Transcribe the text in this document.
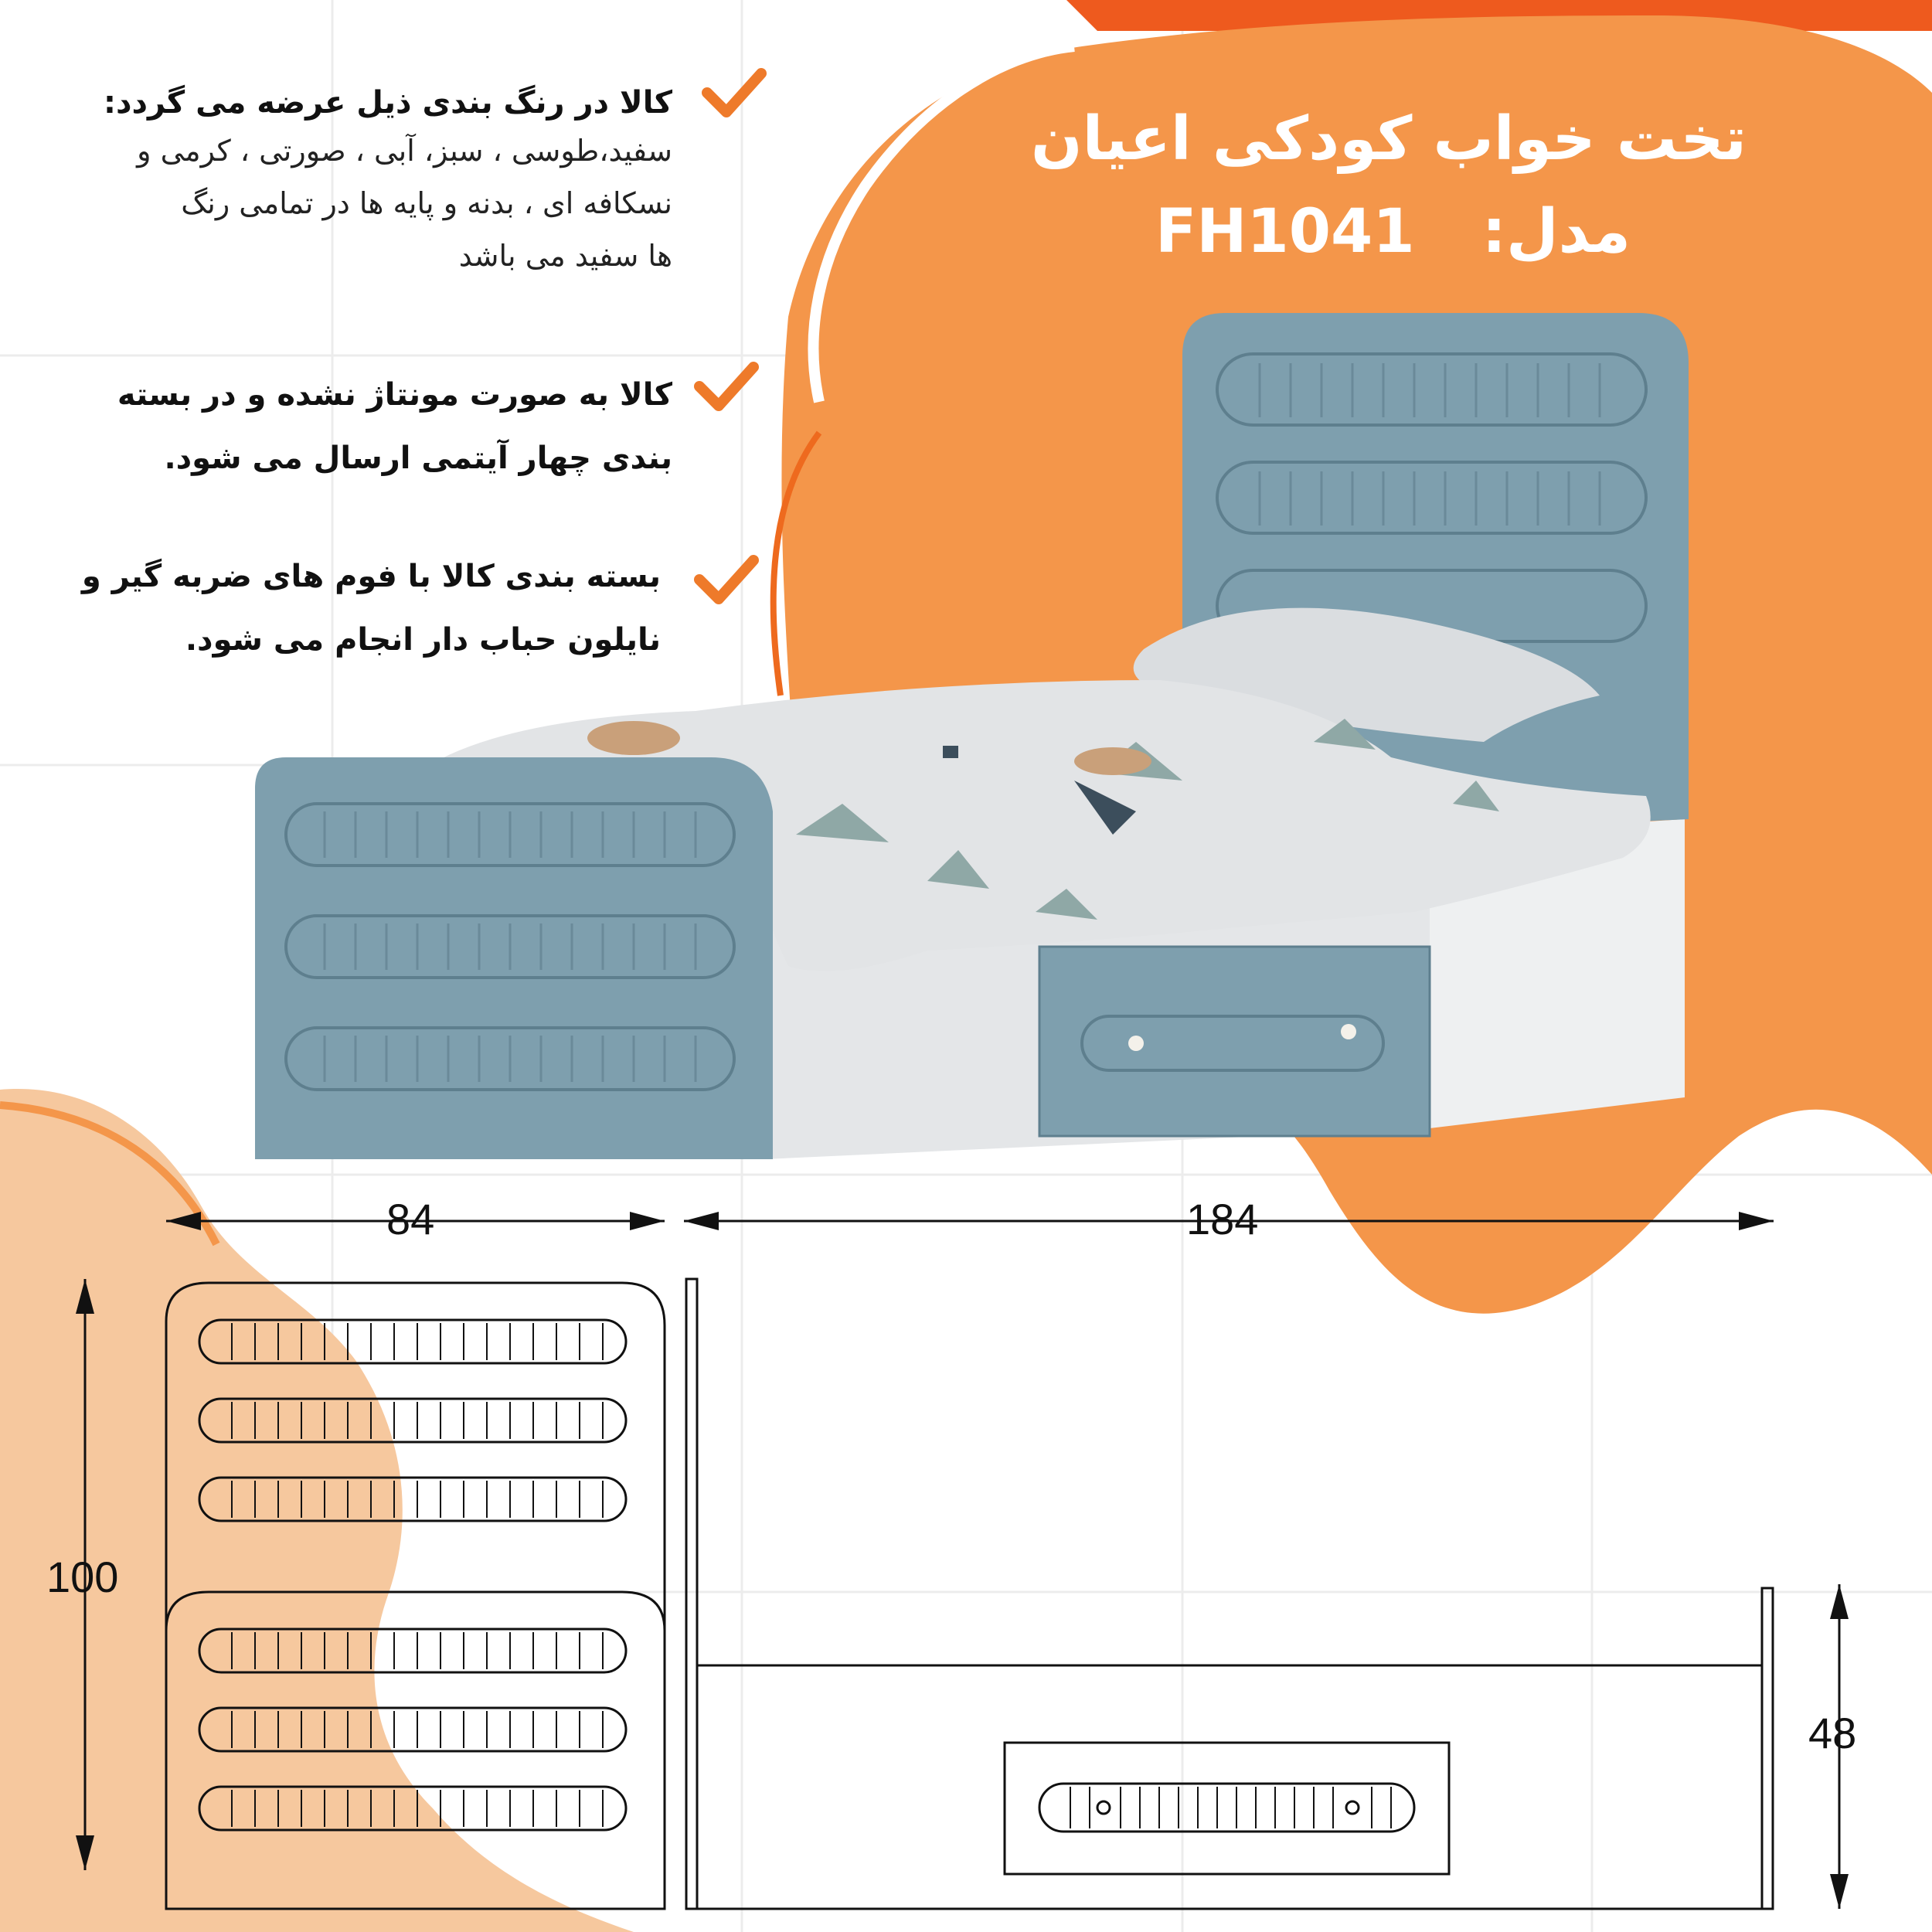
تخت خواب کودکی اعیان
مدل: FH1041
کالا در رنگ بندی ذیل عرضه می گردد:
سفید،طوسی ، سبز، آبی ، صورتی ، کرمی و
نسکافه ای ، بدنه و پایه ها در تمامی رنگ
ها سفید می باشد
کالا به صورت مونتاژ نشده و در بسته
بندی چهار آیتمی ارسال می شود.
بسته بندی کالا با فوم های ضربه گیر و
نایلون حباب دار انجام می شود.
84	184
100
48
